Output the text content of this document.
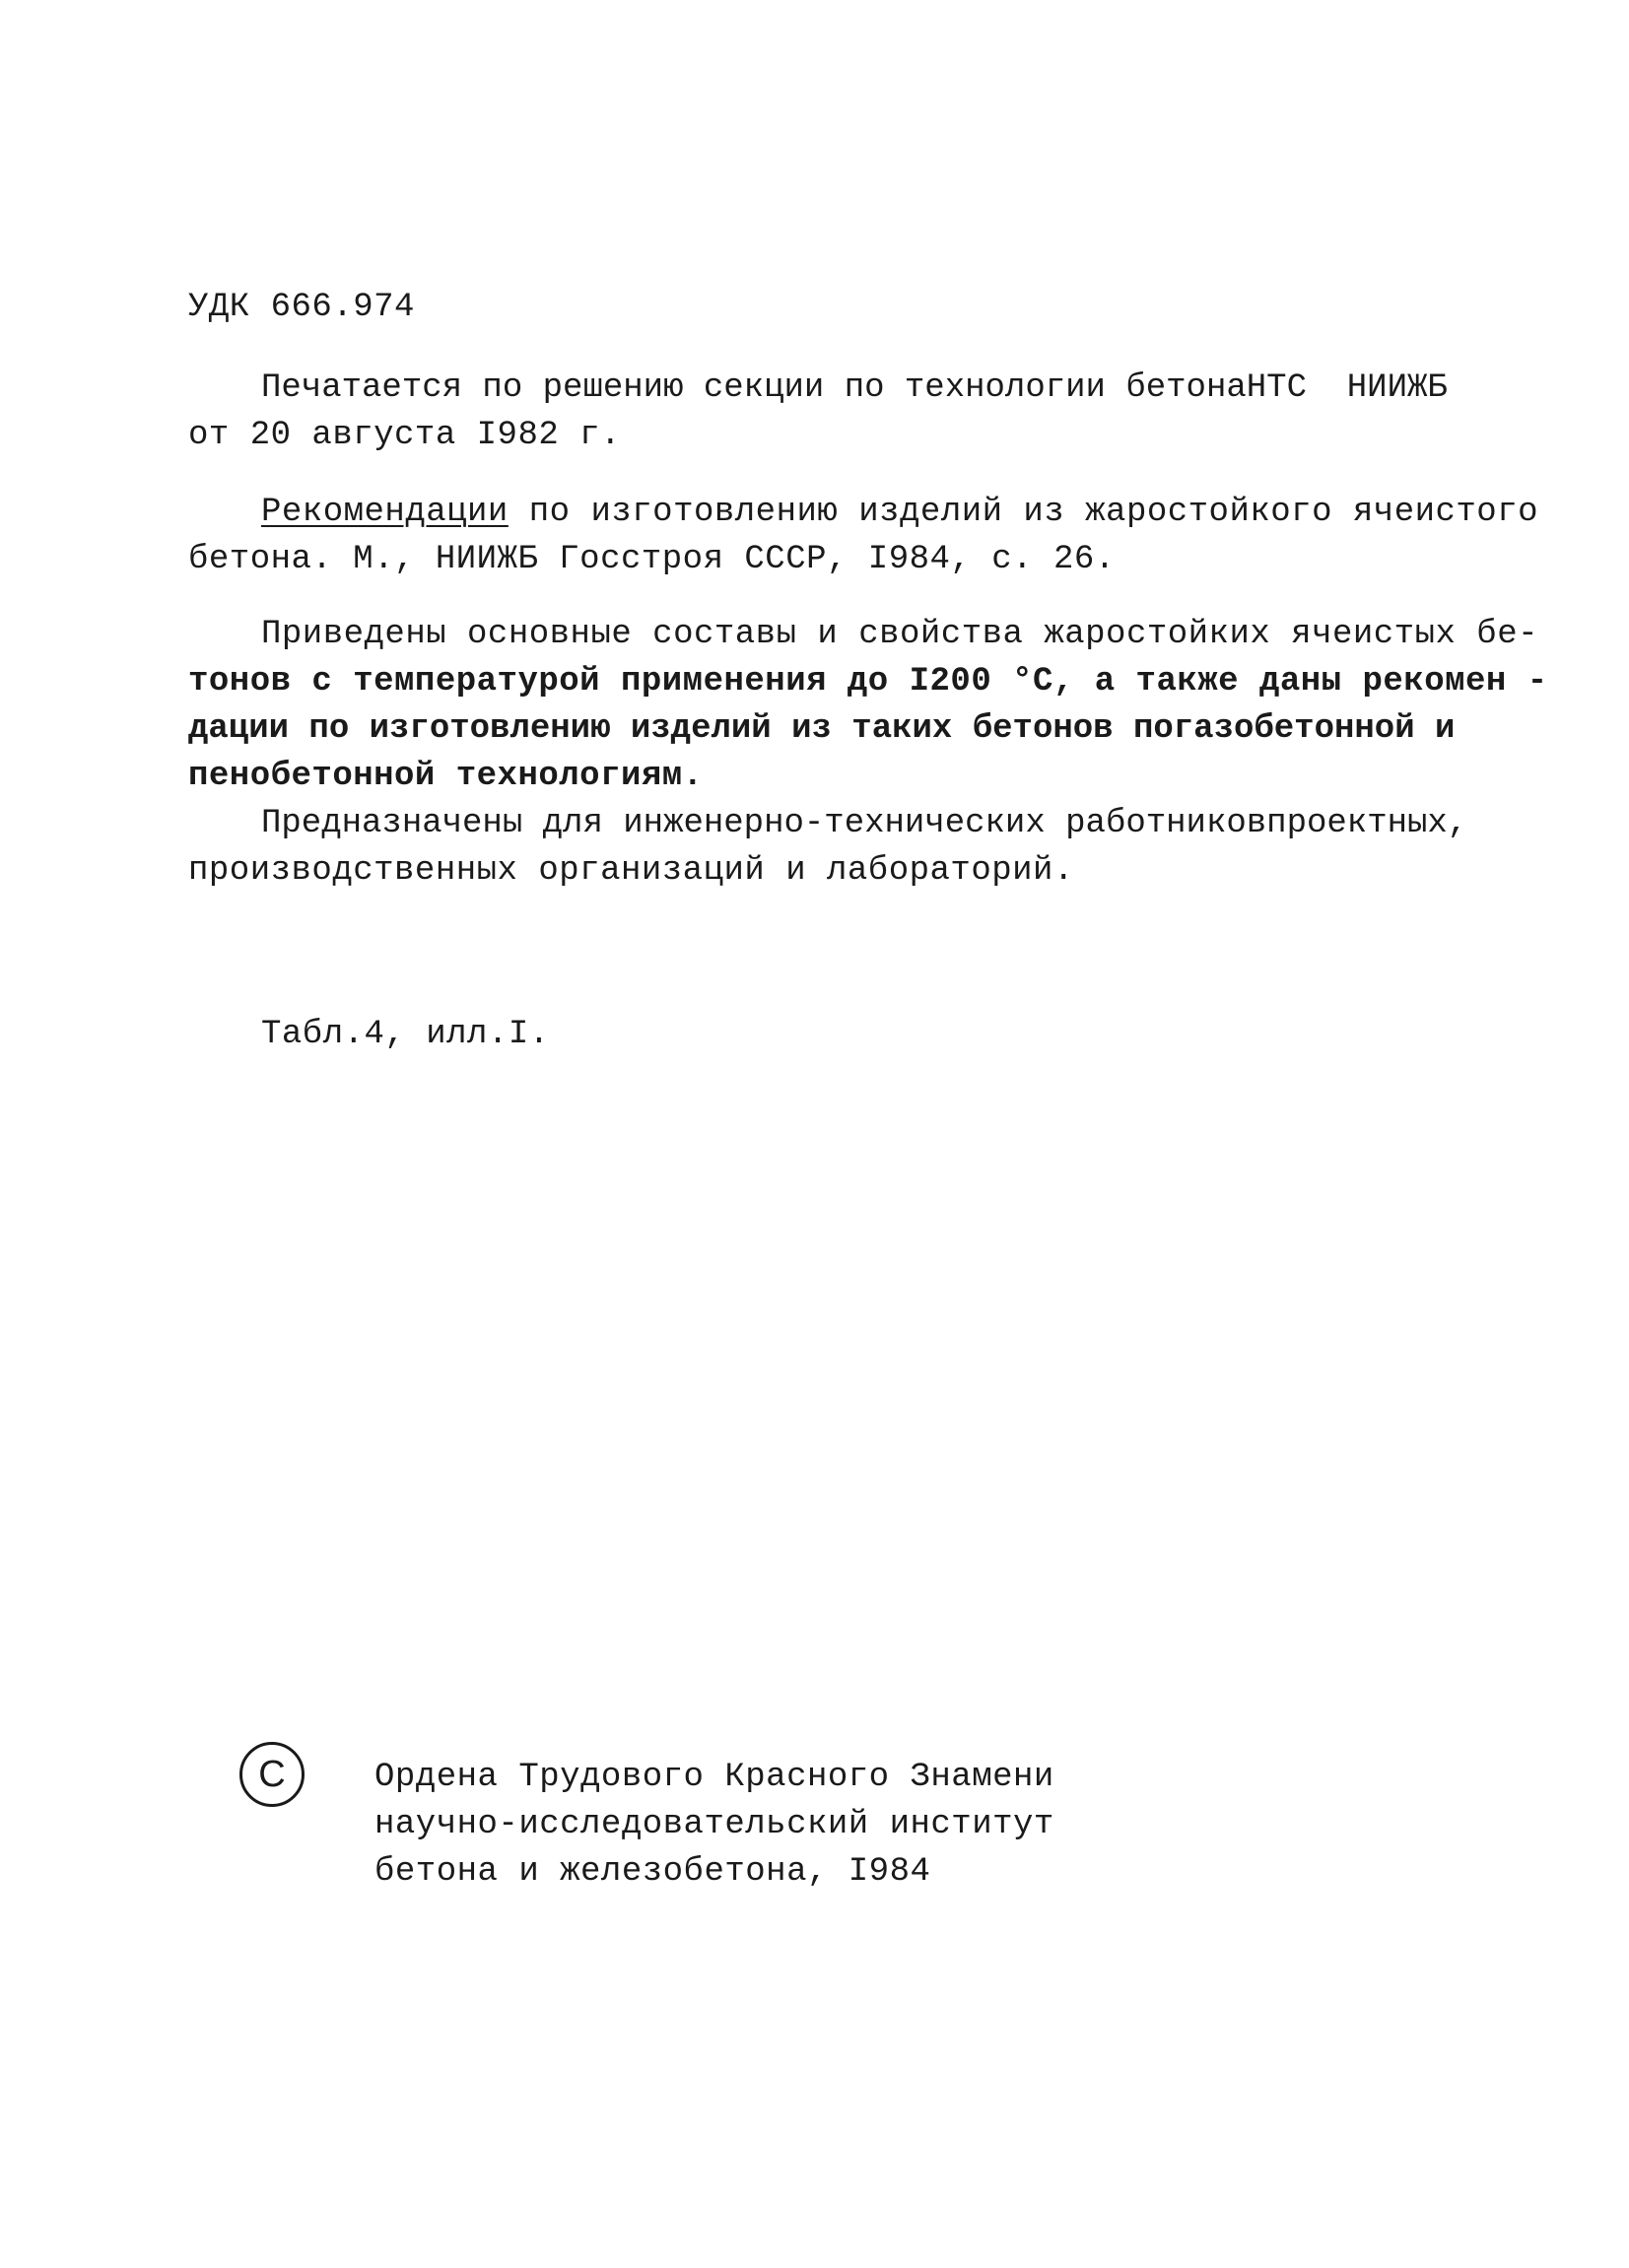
УДК 666.974
Печатается по решению секции по технологии бетона НТС  НИИЖБ
от 20 августа I982 г.
Рекомендации по изготовлению изделий из жаростойкого ячеистого
бетона. М., НИИЖБ Госстроя СССР, I984, с. 26.
Приведены основные составы и свойства жаростойких ячеистых бе-
тонов с температурой применения до I200 °С, а также даны рекомен -
дации по изготовлению изделий из таких бетонов по газобетонной и
пенобетонной технологиям.
Предназначены для инженерно-технических работников проектных,
производственных организаций и лабораторий.
Табл.4, илл.I.
С	Ордена Трудового Красного Знамени
научно-исследовательский институт
бетона и железобетона, I984
